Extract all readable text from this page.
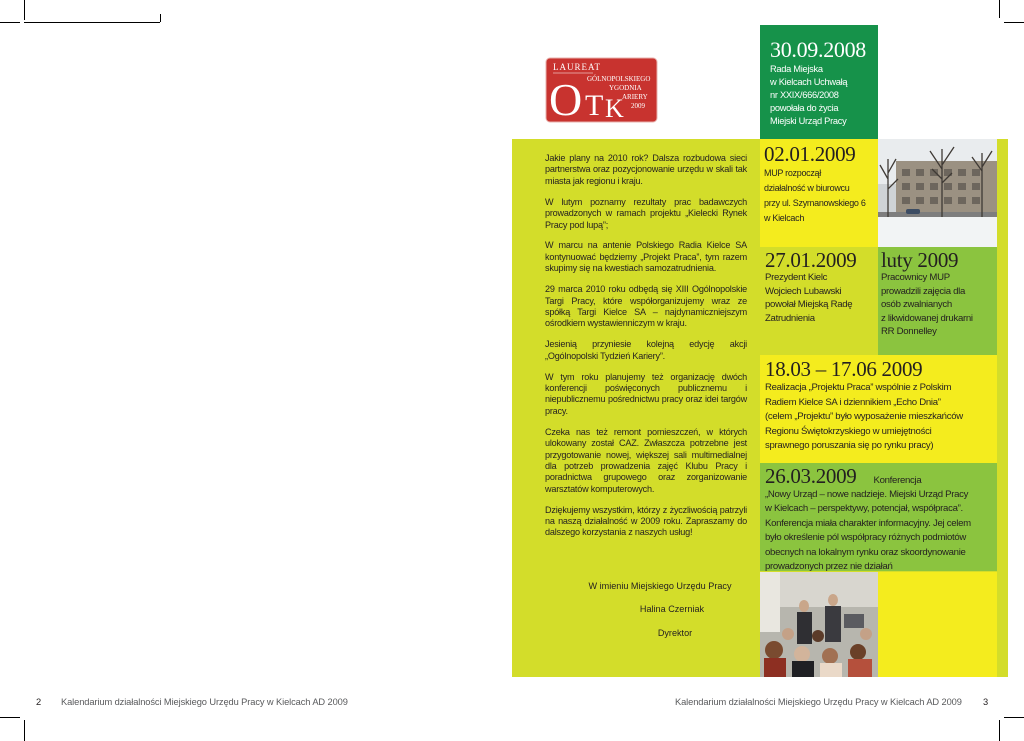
LAUREAT
O T K
GÓLNOPOLSKIEGO
YGODNIA
ARIERY
2009

Jakie plany na 2010 rok? Dalsza rozbudowa sieci partnerstwa oraz pozycjonowanie urzędu w skali tak miasta jak regionu i kraju.

W lutym poznamy rezultaty prac badawczych prowadzonych w ramach projektu „Kielecki Rynek Pracy pod lupą”;

W marcu na antenie Polskiego Radia Kielce SA kontynuować będziemy „Projekt Praca”, tym razem skupimy się na kwestiach samozatrudnienia.

29 marca 2010 roku odbędą się XIII Ogólnopolskie Targi Pracy, które współorganizujemy wraz ze spółką Targi Kielce SA – najdynamiczniejszym ośrodkiem wystawienniczym w kraju.

Jesienią przyniesie kolejną edycję akcji „Ogólnopolski Tydzień Kariery”.

W tym roku planujemy też organizację dwóch konferencji poświęconych publicznemu i niepublicznemu pośrednictwu pracy oraz idei targów pracy.

Czeka nas też remont pomieszczeń, w których ulokowany został CAZ. Zwłaszcza potrzebne jest przygotowanie nowej, większej sali multimedialnej dla potrzeb prowadzenia zajęć Klubu Pracy i poradnictwa grupowego oraz zorganizowanie warsztatów komputerowych.

Dziękujemy wszystkim, którzy z życzliwością patrzyli na naszą działalność w 2009 roku. Zapraszamy do dalszego korzystania z naszych usług!

W imieniu Miejskiego Urzędu Pracy
Halina Czerniak
Dyrektor
30.09.2008
Rada Miejska
w Kielcach Uchwałą
nr XXIX/666/2008
powołała do życia
Miejski Urząd Pracy
02.01.2009
MUP rozpoczął
działalność w biurowcu
przy ul. Szymanowskiego 6
w Kielcach
27.01.2009
Prezydent Kielc
Wojciech Lubawski
powołał Miejską Radę
Zatrudnienia
luty 2009
Pracownicy MUP
prowadzili zajęcia dla
osób zwalnianych
z likwidowanej drukarni
RR Donnelley
18.03 – 17.06 2009
Realizacja „Projektu Praca” wspólnie z Polskim
Radiem Kielce SA i dziennikiem „Echo Dnia”
(celem „Projektu” było wyposażenie mieszkańców
Regionu Świętokrzyskiego w umiejętności
sprawnego poruszania się po rynku pracy)
26.03.2009 Konferencja
„Nowy Urząd – nowe nadzieje. Miejski Urząd Pracy
w Kielcach – perspektywy, potencjał, współpraca”.
Konferencja miała charakter informacyjny. Jej celem
było określenie pól współpracy różnych podmiotów
obecnych na lokalnym rynku oraz skoordynowanie
prowadzonych przez nie działań
2 Kalendarium działalności Miejskiego Urzędu Pracy w Kielcach AD 2009	Kalendarium działalności Miejskiego Urzędu Pracy w Kielcach AD 2009 3
